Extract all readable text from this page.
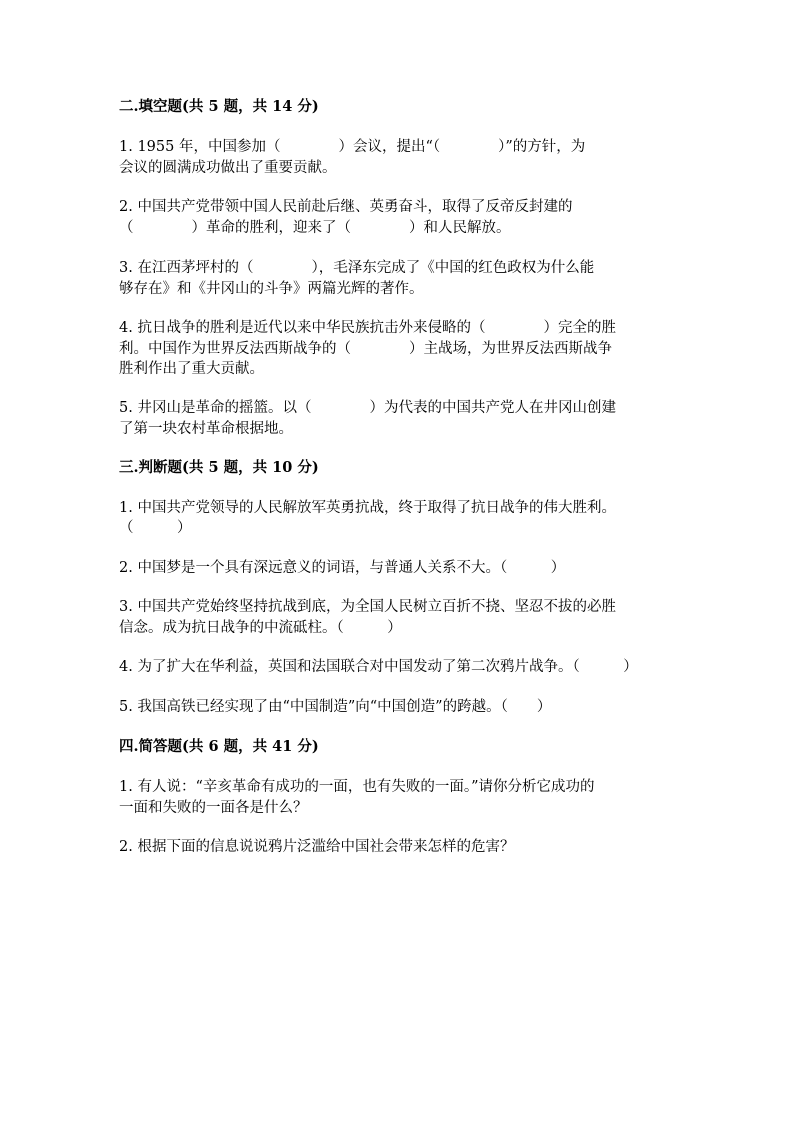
二.填空题(共 5 题，共 14 分)
1. 1955 年，中国参加（　　　　）会议，提出“（　　　　）”的方针，为
会议的圆满成功做出了重要贡献。
2. 中国共产党带领中国人民前赴后继、英勇奋斗，取得了反帝反封建的
（　　　　）革命的胜利，迎来了（　　　　）和人民解放。
3. 在江西茅坪村的（　　　　），毛泽东完成了《中国的红色政权为什么能
够存在》和《井冈山的斗争》两篇光辉的著作。
4. 抗日战争的胜利是近代以来中华民族抗击外来侵略的（　　　　）完全的胜
利。中国作为世界反法西斯战争的（　　　　）主战场，为世界反法西斯战争
胜利作出了重大贡献。
5. 井冈山是革命的摇篮。以（　　　　）为代表的中国共产党人在井冈山创建
了第一块农村革命根据地。
三.判断题(共 5 题，共 10 分)
1. 中国共产党领导的人民解放军英勇抗战，终于取得了抗日战争的伟大胜利。
（　　　）
2. 中国梦是一个具有深远意义的词语，与普通人关系不大。（　　　）
3. 中国共产党始终坚持抗战到底，为全国人民树立百折不挠、坚忍不拔的必胜
信念。成为抗日战争的中流砥柱。（　　　）
4. 为了扩大在华利益，英国和法国联合对中国发动了第二次鸦片战争。（　　　）
5. 我国高铁已经实现了由“中国制造”向“中国创造”的跨越。（　　）
四.简答题(共 6 题，共 41 分)
1. 有人说：“辛亥革命有成功的一面，也有失败的一面。”请你分析它成功的
一面和失败的一面各是什么？
2. 根据下面的信息说说鸦片泛滥给中国社会带来怎样的危害？
